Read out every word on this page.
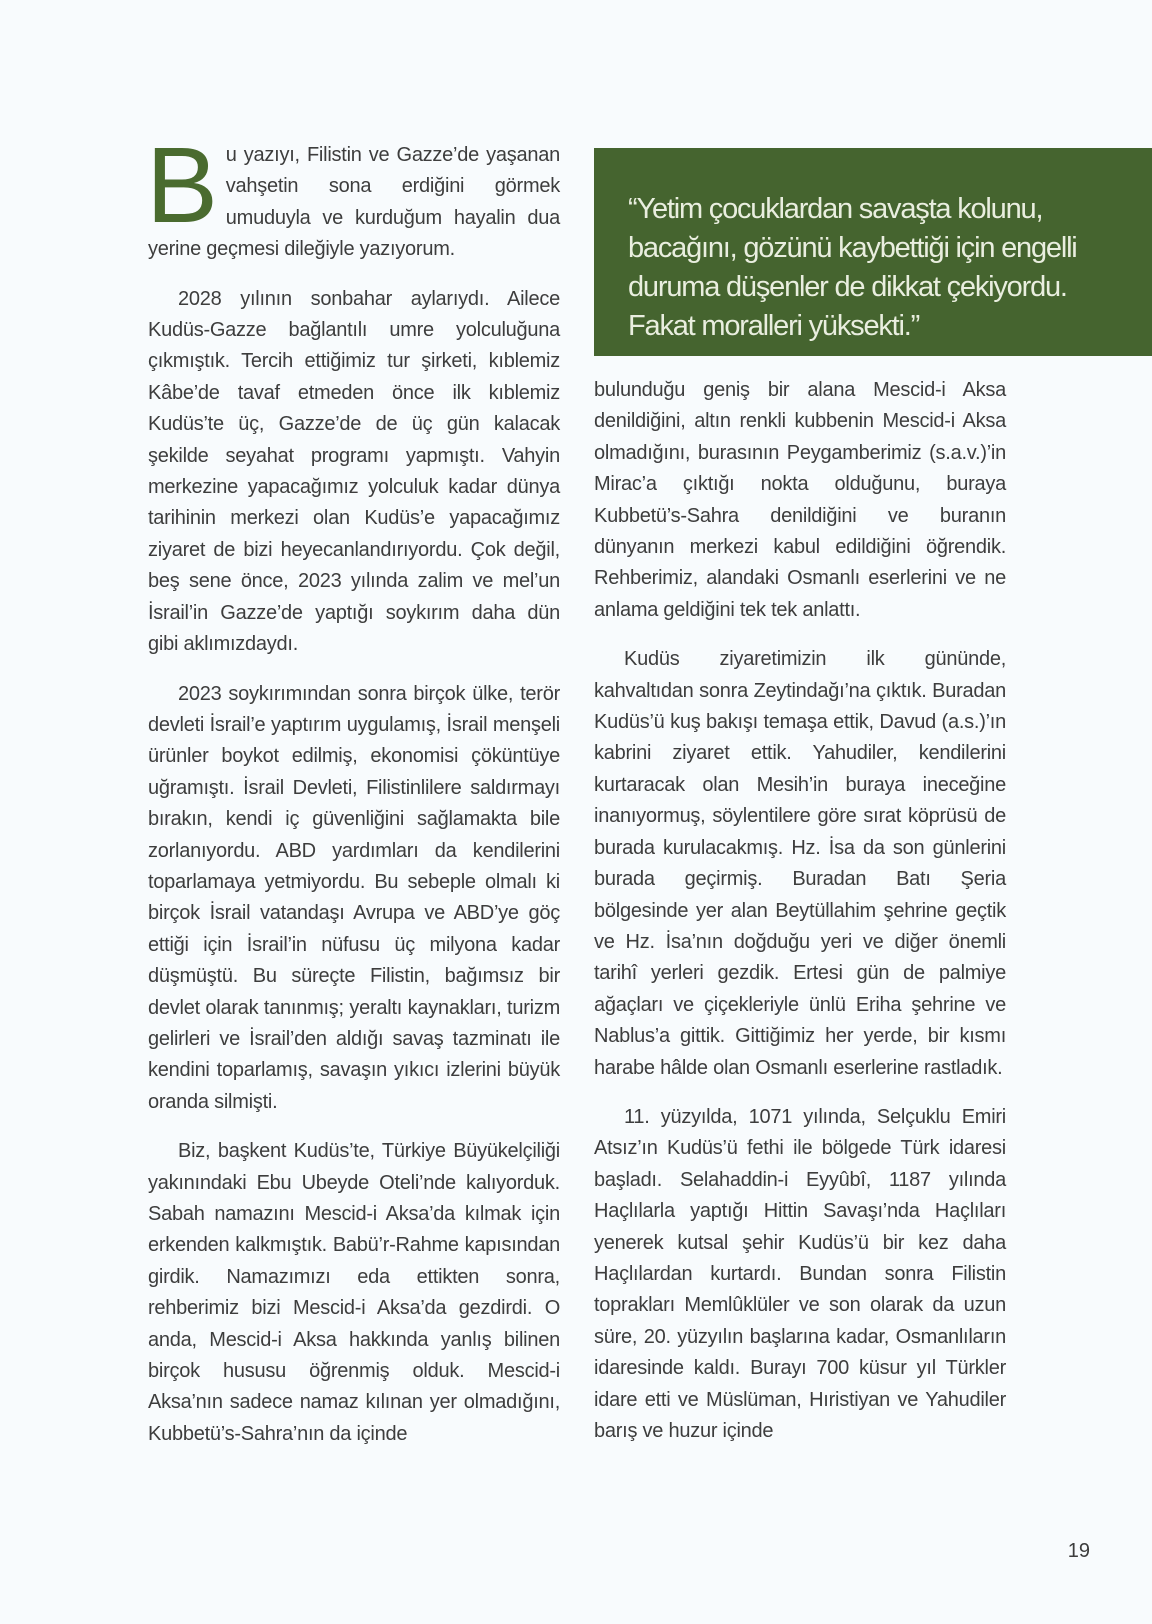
“Yetim çocuklardan savaşta kolunu, bacağını, gözünü kaybettiği için engelli duruma düşenler de dikkat çekiyordu. Fakat moralleri yüksekti.”

Bu yazıyı, Filistin ve Gazze’de yaşanan vahşetin sona erdiğini görmek umuduyla ve kurduğum hayalin dua yerine geçmesi dileğiyle yazıyorum.

2028 yılının sonbahar aylarıydı. Ailece Kudüs-Gazze bağlantılı umre yolculuğuna çıkmıştık. Tercih ettiğimiz tur şirketi, kıblemiz Kâbe’de tavaf etmeden önce ilk kıblemiz Kudüs’te üç, Gazze’de de üç gün kalacak şekilde seyahat programı yapmıştı. Vahyin merkezine yapacağımız yolculuk kadar dünya tarihinin merkezi olan Kudüs’e yapacağımız ziyaret de bizi heyecanlandırıyordu. Çok değil, beş sene önce, 2023 yılında zalim ve mel’un İsrail’in Gazze’de yaptığı soykırım daha dün gibi aklımızdaydı.

2023 soykırımından sonra birçok ülke, terör devleti İsrail’e yaptırım uygulamış, İsrail menşeli ürünler boykot edilmiş, ekonomisi çöküntüye uğramıştı. İsrail Devleti, Filistinlilere saldırmayı bırakın, kendi iç güvenliğini sağlamakta bile zorlanıyordu. ABD yardımları da kendilerini toparlamaya yetmiyordu. Bu sebeple olmalı ki birçok İsrail vatandaşı Avrupa ve ABD’ye göç ettiği için İsrail’in nüfusu üç milyona kadar düşmüştü. Bu süreçte Filistin, bağımsız bir devlet olarak tanınmış; yeraltı kaynakları, turizm gelirleri ve İsrail’den aldığı savaş tazminatı ile kendini toparlamış, savaşın yıkıcı izlerini büyük oranda silmişti.

Biz, başkent Kudüs’te, Türkiye Büyükelçiliği yakınındaki Ebu Ubeyde Oteli’nde kalıyorduk. Sabah namazını Mescid-i Aksa’da kılmak için erkenden kalkmıştık. Babü’r-Rahme kapısından girdik. Namazımızı eda ettikten sonra, rehberimiz bizi Mescid-i Aksa’da gezdirdi. O anda, Mescid-i Aksa hakkında yanlış bilinen birçok hususu öğrenmiş olduk. Mescid-i Aksa’nın sadece namaz kılınan yer olmadığını, Kubbetü’s-Sahra’nın da içinde

bulunduğu geniş bir alana Mescid-i Aksa denildiğini, altın renkli kubbenin Mescid-i Aksa olmadığını, burasının Peygamberimiz (s.a.v.)’in Mirac’a çıktığı nokta olduğunu, buraya Kubbetü’s-Sahra denildiğini ve buranın dünyanın merkezi kabul edildiğini öğrendik. Rehberimiz, alandaki Osmanlı eserlerini ve ne anlama geldiğini tek tek anlattı.

Kudüs ziyaretimizin ilk gününde, kahvaltıdan sonra Zeytindağı’na çıktık. Buradan Kudüs’ü kuş bakışı temaşa ettik, Davud (a.s.)’ın kabrini ziyaret ettik. Yahudiler, kendilerini kurtaracak olan Mesih’in buraya ineceğine inanıyormuş, söylentilere göre sırat köprüsü de burada kurulacakmış. Hz. İsa da son günlerini burada geçirmiş. Buradan Batı Şeria bölgesinde yer alan Beytüllahim şehrine geçtik ve Hz. İsa’nın doğduğu yeri ve diğer önemli tarihî yerleri gezdik. Ertesi gün de palmiye ağaçları ve çiçekleriyle ünlü Eriha şehrine ve Nablus’a gittik. Gittiğimiz her yerde, bir kısmı harabe hâlde olan Osmanlı eserlerine rastladık.

11. yüzyılda, 1071 yılında, Selçuklu Emiri Atsız’ın Kudüs’ü fethi ile bölgede Türk idaresi başladı. Selahaddin-i Eyyûbî, 1187 yılında Haçlılarla yaptığı Hittin Savaşı’nda Haçlıları yenerek kutsal şehir Kudüs’ü bir kez daha Haçlılardan kurtardı. Bundan sonra Filistin toprakları Memlûklüler ve son olarak da uzun süre, 20. yüzyılın başlarına kadar, Osmanlıların idaresinde kaldı. Burayı 700 küsur yıl Türkler idare etti ve Müslüman, Hıristiyan ve Yahudiler barış ve huzur içinde

19
